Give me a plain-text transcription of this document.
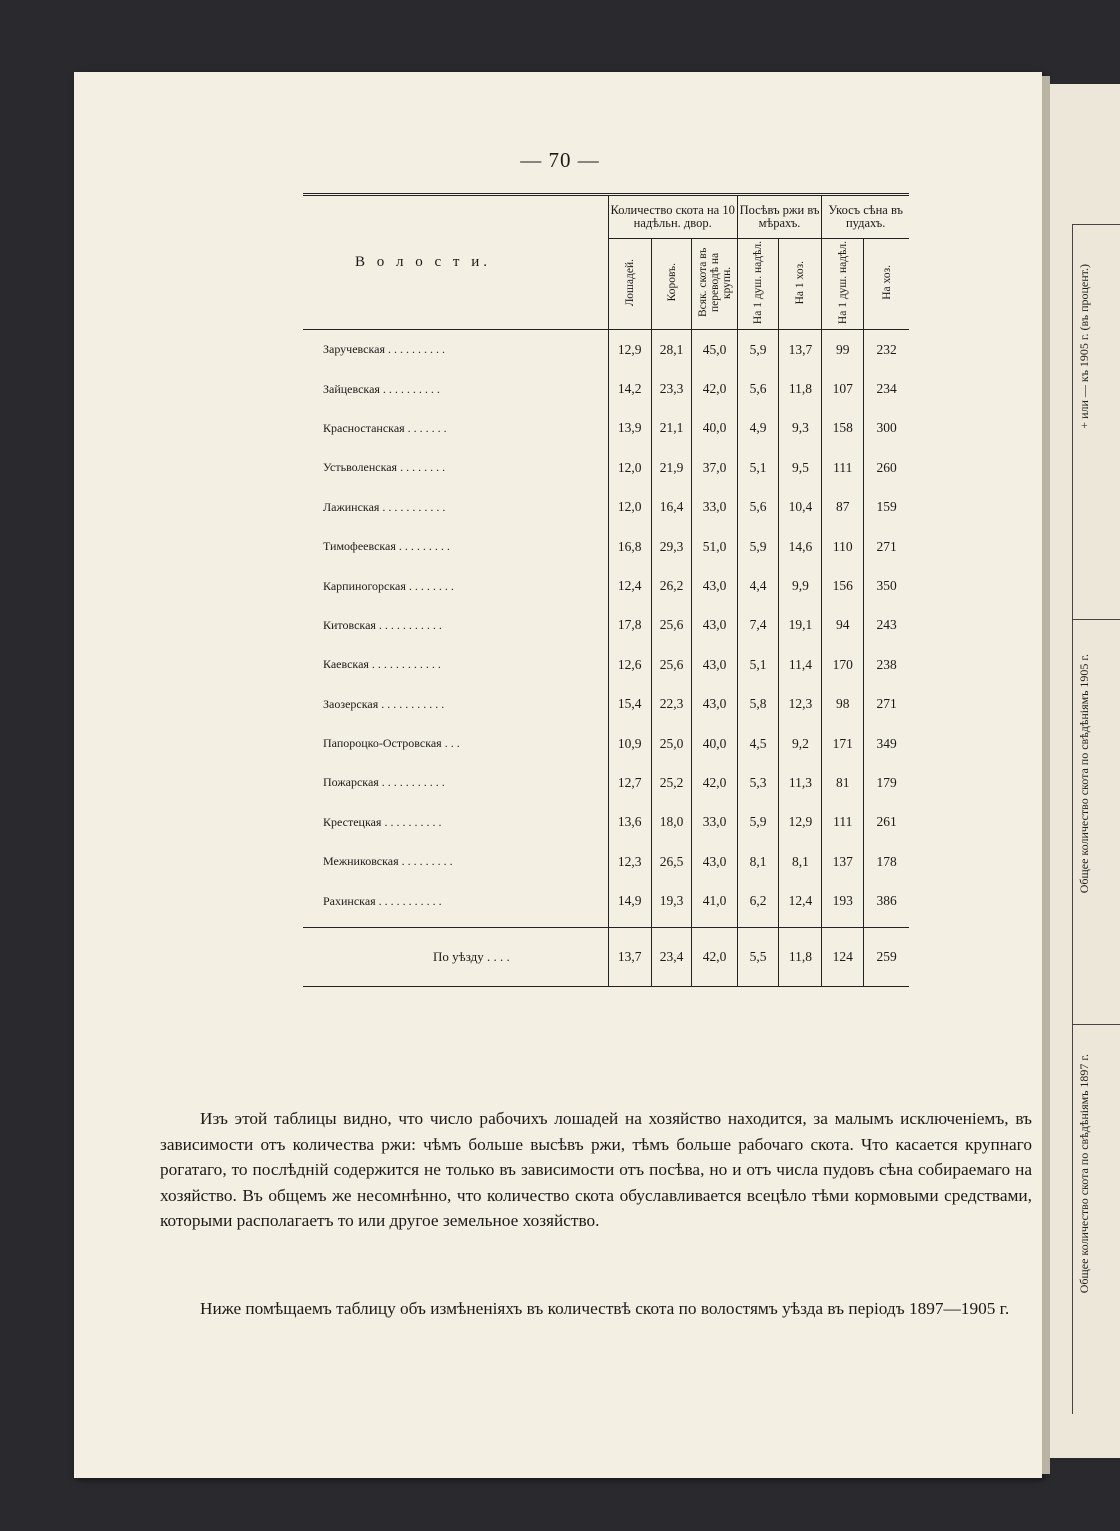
+ или — къ 1905 г. (въ процент.)
Общее количество скота по свѣдѣнiямъ 1905 г.
Общее количество скота по свѣдѣнiямъ 1897 г.
— 70 —
В о л о с т и.	Количество скота на 10 надѣльн. двор.			Посѣвъ ржи въ мѣрахъ.		Укосъ сѣна въ пудахъ.	
	Лошадей.	Коровъ.	Всяк. скота въ переводѣ на крупн.	На 1 душ. надѣл.	На 1 хоз.	На 1 душ. надѣл.	На хоз.
Заручевская . . . . . . . . . .	12,9	28,1	45,0	5,9	13,7	99	232
Зайцевская . . . . . . . . . .	14,2	23,3	42,0	5,6	11,8	107	234
Красностанская . . . . . . .	13,9	21,1	40,0	4,9	9,3	158	300
Устьволенская . . . . . . . .	12,0	21,9	37,0	5,1	9,5	111	260
Лажинская . . . . . . . . . . .	12,0	16,4	33,0	5,6	10,4	87	159
Тимофеевская . . . . . . . . .	16,8	29,3	51,0	5,9	14,6	110	271
Карпиногорская . . . . . . . .	12,4	26,2	43,0	4,4	9,9	156	350
Китовская . . . . . . . . . . .	17,8	25,6	43,0	7,4	19,1	94	243
Каевская . . . . . . . . . . . .	12,6	25,6	43,0	5,1	11,4	170	238
Заозерская . . . . . . . . . . .	15,4	22,3	43,0	5,8	12,3	98	271
Папороцко-Островская . . .	10,9	25,0	40,0	4,5	9,2	171	349
Пожарская . . . . . . . . . . .	12,7	25,2	42,0	5,3	11,3	81	179
Крестецкая . . . . . . . . . .	13,6	18,0	33,0	5,9	12,9	111	261
Межниковская . . . . . . . . .	12,3	26,5	43,0	8,1	8,1	137	178
Рахинская . . . . . . . . . . .	14,9	19,3	41,0	6,2	12,4	193	386
По уѣзду . . . .	13,7	23,4	42,0	5,5	11,8	124	259
Изъ этой таблицы видно, что число рабочихъ лошадей на хозяйство находится, за малымъ исключенiемъ, въ зависимости отъ количества ржи: чѣмъ больше высѣвъ ржи, тѣмъ больше рабочаго скота. Что касается крупнаго рогатаго, то послѣднiй содержится не только въ зависимости отъ посѣва, но и отъ числа пудовъ сѣна собираемаго на хозяйство. Въ общемъ же несомнѣнно, что количество скота обуславливается всецѣло тѣми кормовыми средствами, которыми располагаетъ то или другое земельное хозяйство.
Ниже помѣщаемъ таблицу объ измѣненiяхъ въ количествѣ скота по волостямъ уѣзда въ перiодъ 1897—1905 г.
